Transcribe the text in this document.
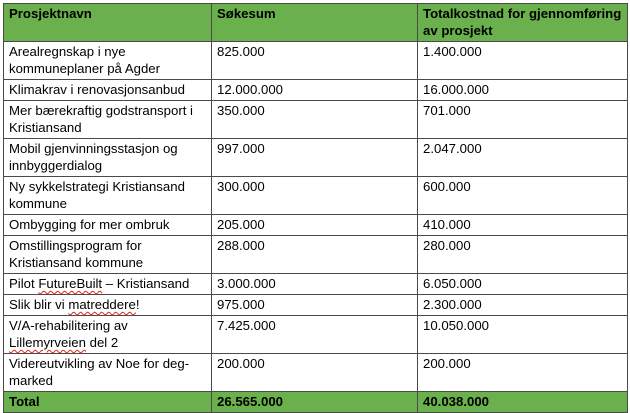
Prosjektnavn	Søkesum	Totalkostnad for gjennomføring av prosjekt
Arealregnskap i nye kommuneplaner på Agder	825.000	1.400.000
Klimakrav i renovasjonsanbud	12.000.000	16.000.000
Mer bærekraftig godstransport i Kristiansand	350.000	701.000
Mobil gjenvinningsstasjon og innbyggerdialog	997.000	2.047.000
Ny sykkelstrategi Kristiansand kommune	300.000	600.000
Ombygging for mer ombruk	205.000	410.000
Omstillingsprogram for Kristiansand kommune	288.000	280.000
Pilot FutureBuilt – Kristiansand	3.000.000	6.050.000
Slik blir vi matreddere!	975.000	2.300.000
V/A-rehabilitering av Lillemyrveien del 2	7.425.000	10.050.000
Videreutvikling av Noe for deg-marked	200.000	200.000
Total	26.565.000	40.038.000
